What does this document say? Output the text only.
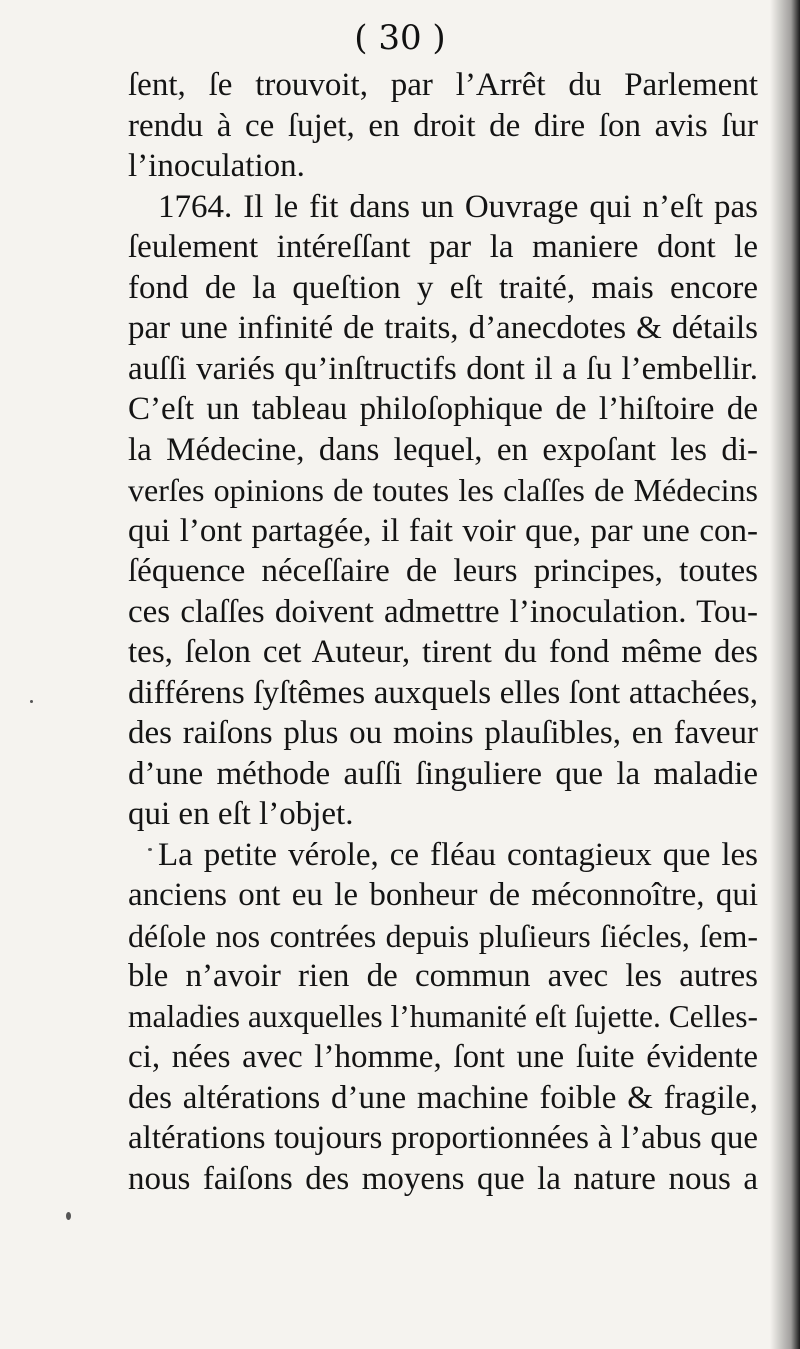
( 30 )
ſent, ſe trouvoit, par l’Arrêt du Parlement
rendu à ce ſujet, en droit de dire ſon avis ſur
l’inoculation.
1764. Il le fit dans un Ouvrage qui n’eſt pas
ſeulement intéreſſant par la maniere dont le
fond de la queſtion y eſt traité, mais encore
par une infinité de traits, d’anecdotes & détails
auſſi variés qu’inſtructifs dont il a ſu l’embellir.
C’eſt un tableau philoſophique de l’hiſtoire de
la Médecine, dans lequel, en expoſant les di-
verſes opinions de toutes les claſſes de Médecins
qui l’ont partagée, il fait voir que, par une con-
ſéquence néceſſaire de leurs principes, toutes
ces claſſes doivent admettre l’inoculation. Tou-
tes, ſelon cet Auteur, tirent du fond même des
différens ſyſtêmes auxquels elles ſont attachées,
des raiſons plus ou moins plauſibles, en faveur
d’une méthode auſſi ſinguliere que la maladie
qui en eſt l’objet.
La petite vérole, ce fléau contagieux que les
anciens ont eu le bonheur de méconnoître, qui
déſole nos contrées depuis pluſieurs ſiécles, ſem-
ble n’avoir rien de commun avec les autres
maladies auxquelles l’humanité eſt ſujette. Celles-
ci, nées avec l’homme, ſont une ſuite évidente
des altérations d’une machine foible & fragile,
altérations toujours proportionnées à l’abus que
nous faiſons des moyens que la nature nous a
